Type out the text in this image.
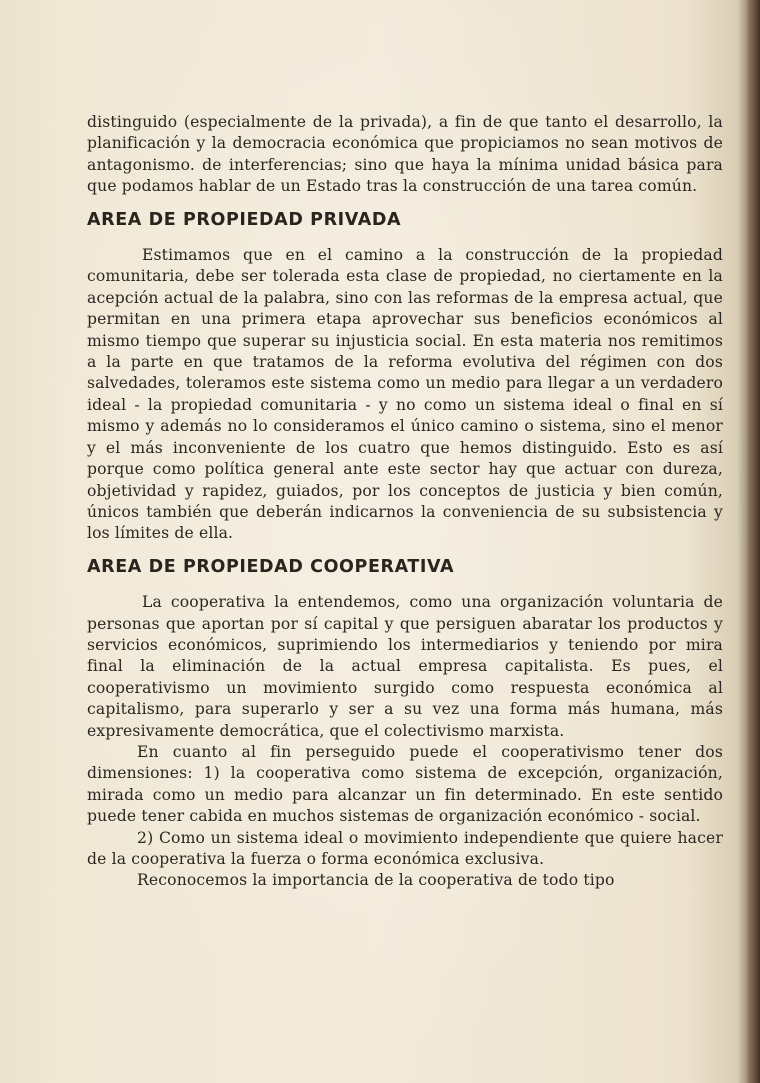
distinguido (especialmente de la privada), a fin de que tanto el desarrollo, la planificación y la democracia económica que propiciamos no sean motivos de antagonismo. de interferencias; sino que haya la mínima unidad básica para que podamos hablar de un Estado tras la construcción de una tarea común.

AREA DE PROPIEDAD PRIVADA

Estimamos que en el camino a la construcción de la propiedad comunitaria, debe ser tolerada esta clase de propiedad, no ciertamente en la acepción actual de la palabra, sino con las reformas de la empresa actual, que permitan en una primera etapa aprovechar sus beneficios económicos al mismo tiempo que superar su injusticia social. En esta materia nos remitimos a la parte en que tratamos de la reforma evolutiva del régimen con dos salvedades, toleramos este sistema como un medio para llegar a un verdadero ideal - la propiedad comunitaria - y no como un sistema ideal o final en sí mismo y además no lo consideramos el único camino o sistema, sino el menor y el más inconveniente de los cuatro que hemos distinguido. Esto es así porque como política general ante este sector hay que actuar con dureza, objetividad y rapidez, guiados, por los conceptos de justicia y bien común, únicos también que deberán indicarnos la conveniencia de su subsistencia y los límites de ella.

AREA DE PROPIEDAD COOPERATIVA

La cooperativa la entendemos, como una organización voluntaria de personas que aportan por sí capital y que persiguen abaratar los productos y servicios económicos, suprimiendo los intermediarios y teniendo por mira final la eliminación de la actual empresa capitalista. Es pues, el cooperativismo un movimiento surgido como respuesta económica al capitalismo, para superarlo y ser a su vez una forma más humana, más expresivamente democrática, que el colectivismo marxista.

En cuanto al fin perseguido puede el cooperativismo tener dos dimensiones: 1) la cooperativa como sistema de excepción, organización, mirada como un medio para alcanzar un fin determinado. En este sentido puede tener cabida en muchos sistemas de organización económico - social.

2) Como un sistema ideal o movimiento independiente que quiere hacer de la cooperativa la fuerza o forma económica exclusiva.

Reconocemos la importancia de la cooperativa de todo tipo
